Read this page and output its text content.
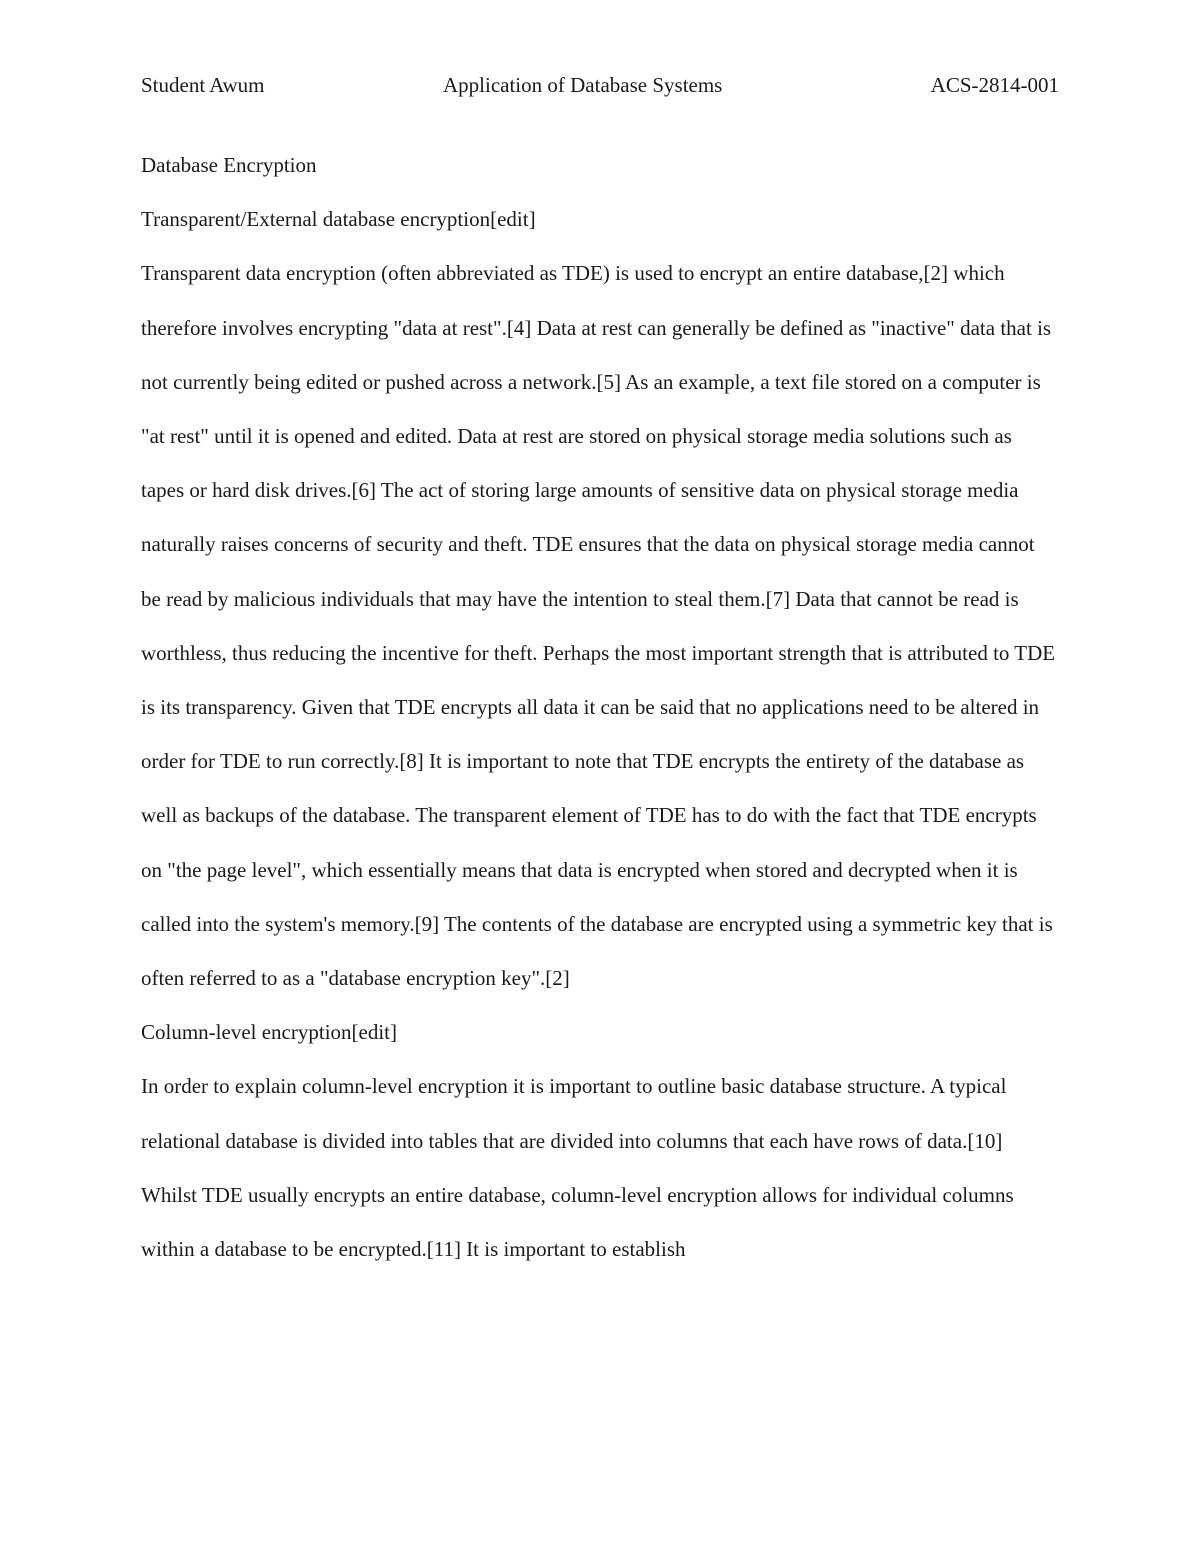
Student Awum	Application of Database Systems	ACS-2814-001

Database Encryption

Transparent/External database encryption[edit]

Transparent data encryption (often abbreviated as TDE) is used to encrypt an entire database,[2] which therefore involves encrypting "data at rest".[4] Data at rest can generally be defined as "inactive" data that is not currently being edited or pushed across a network.[5] As an example, a text file stored on a computer is "at rest" until it is opened and edited. Data at rest are stored on physical storage media solutions such as tapes or hard disk drives.[6] The act of storing large amounts of sensitive data on physical storage media naturally raises concerns of security and theft. TDE ensures that the data on physical storage media cannot be read by malicious individuals that may have the intention to steal them.[7] Data that cannot be read is worthless, thus reducing the incentive for theft. Perhaps the most important strength that is attributed to TDE is its transparency. Given that TDE encrypts all data it can be said that no applications need to be altered in order for TDE to run correctly.[8] It is important to note that TDE encrypts the entirety of the database as well as backups of the database. The transparent element of TDE has to do with the fact that TDE encrypts on "the page level", which essentially means that data is encrypted when stored and decrypted when it is called into the system's memory.[9] The contents of the database are encrypted using a symmetric key that is often referred to as a "database encryption key".[2]

Column-level encryption[edit]

In order to explain column-level encryption it is important to outline basic database structure. A typical relational database is divided into tables that are divided into columns that each have rows of data.[10] Whilst TDE usually encrypts an entire database, column-level encryption allows for individual columns within a database to be encrypted.[11] It is important to establish
